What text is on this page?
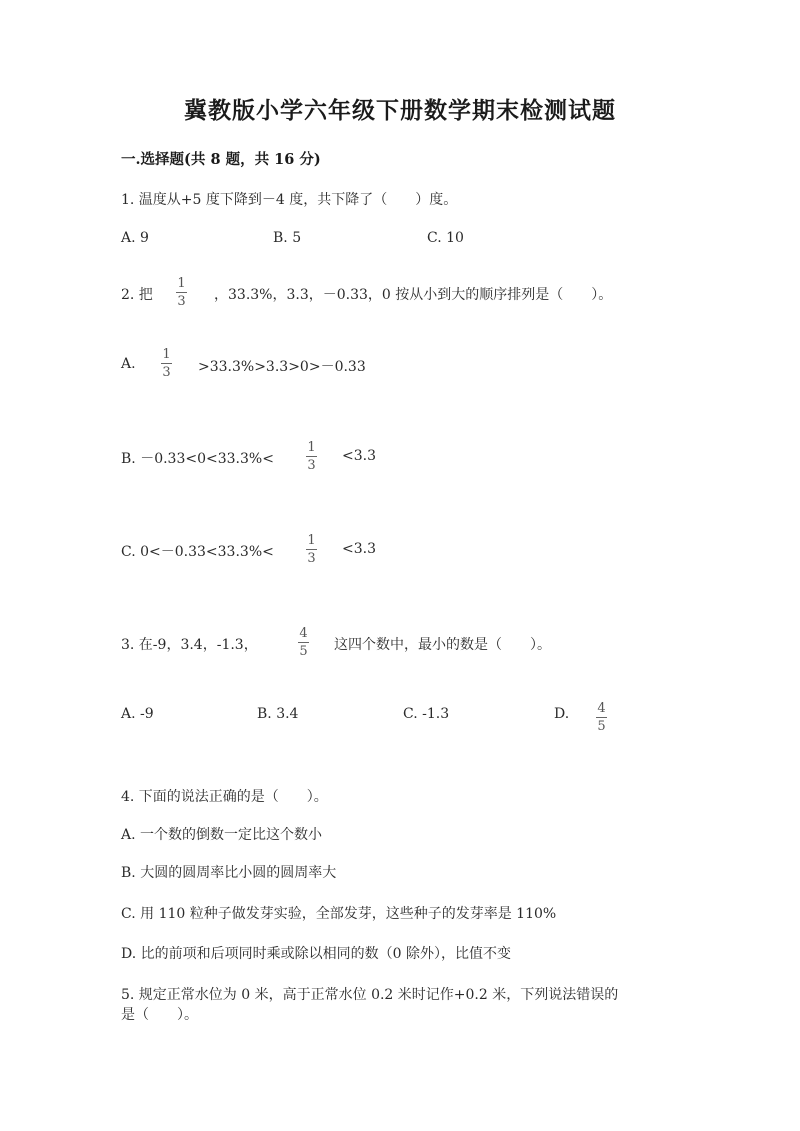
冀教版小学六年级下册数学期末检测试题
一.选择题(共 8 题，共 16 分)
1. 温度从+5 度下降到－4 度，共下降了（　　）度。
A. 9	B. 5	C. 10
2. 把
1
3 ，33.3%，3.3，－0.33，0 按从小到大的顺序排列是（　　）。
A.
1
3 >33.3%>3.3>0>－0.33
B. －0.33<0<33.3%<
1
3
<3.3
C. 0<－0.33<33.3%<
1
3
<3.3
3. 在-9，3.4，-1.3，
4
5 这四个数中，最小的数是（　　）。
A. -9	B. 3.4	C. -1.3	D. 4
5
4. 下面的说法正确的是（　　）。
A. 一个数的倒数一定比这个数小
B. 大圆的圆周率比小圆的圆周率大
C. 用 110 粒种子做发芽实验，全部发芽，这些种子的发芽率是 110%
D. 比的前项和后项同时乘或除以相同的数（0 除外），比值不变
5. 规定正常水位为 0 米，高于正常水位 0.2 米时记作+0.2 米，下列说法错误的
是（　　）。
